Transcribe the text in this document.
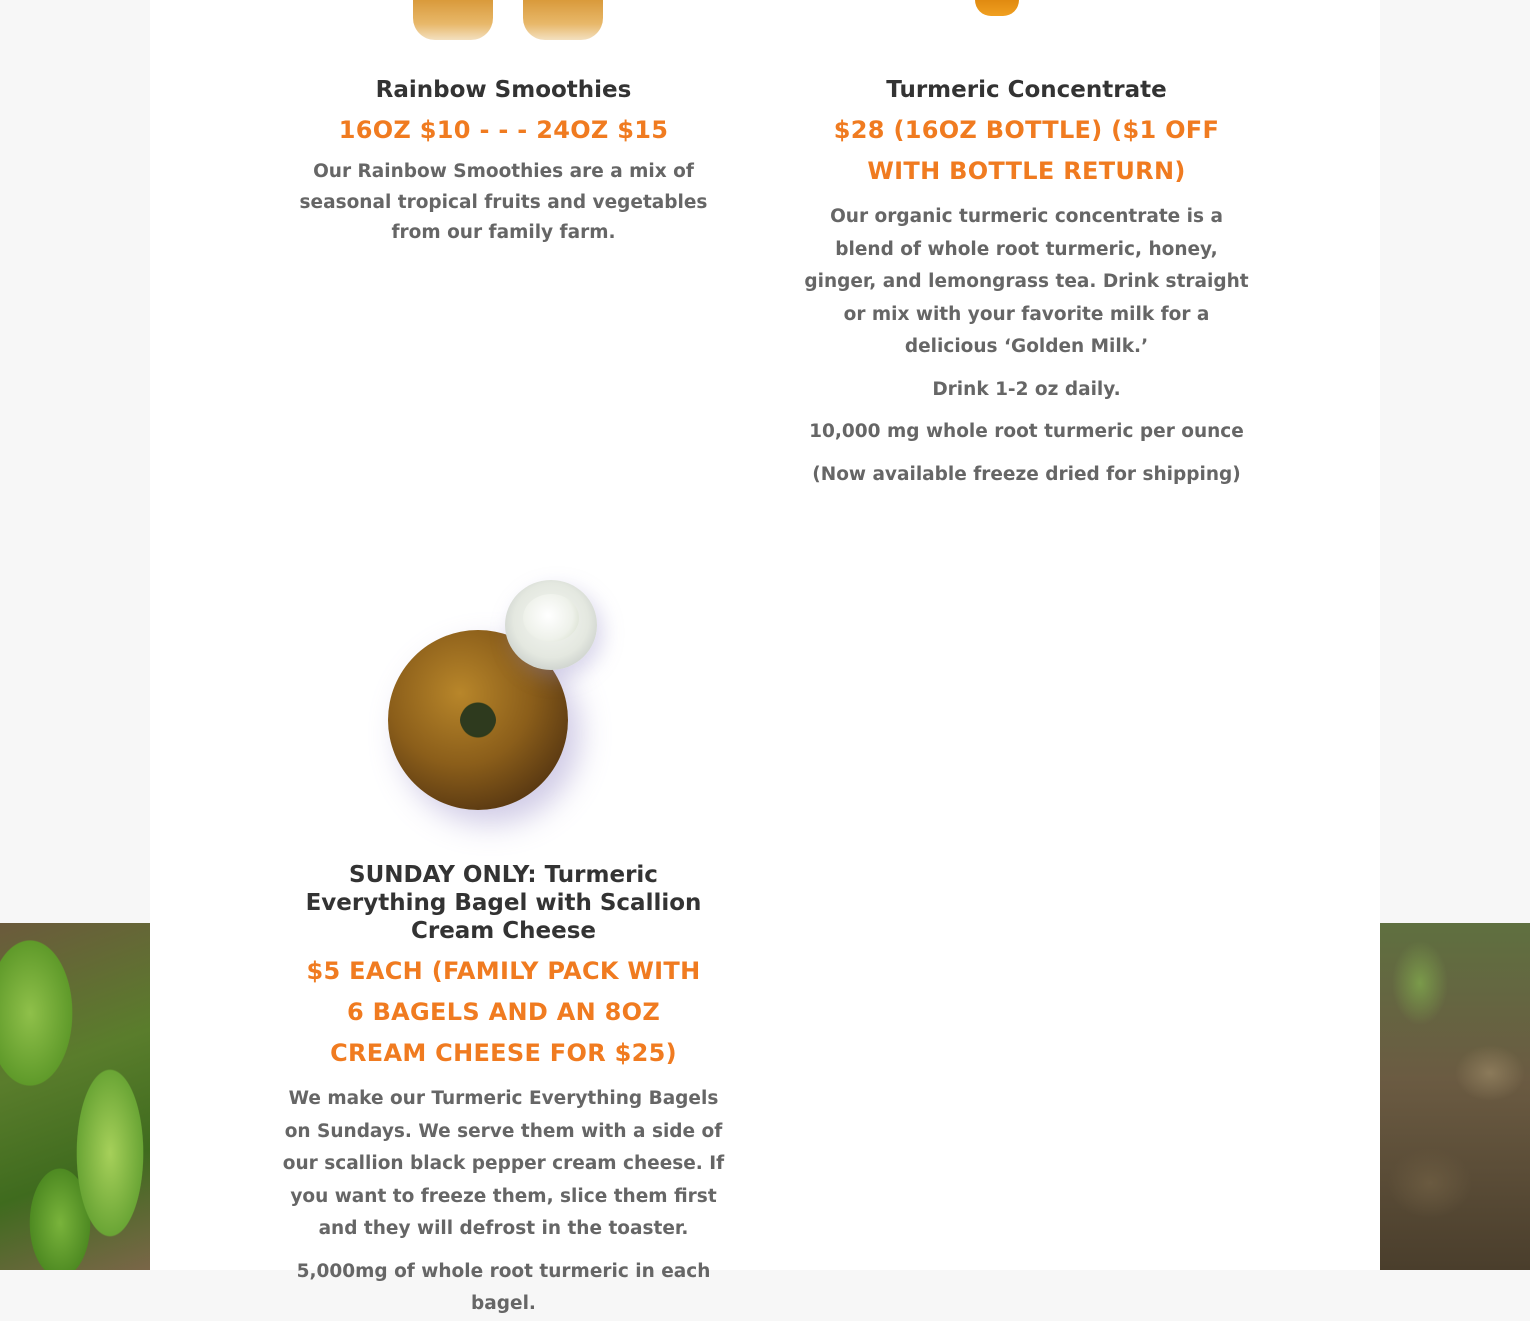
Rainbow Smoothies
16OZ $10 - - - 24OZ $15

Our Rainbow Smoothies are a mix of seasonal tropical fruits and vegetables from our family farm.

Turmeric Concentrate
$28 (16OZ BOTTLE) ($1 OFF WITH BOTTLE RETURN)

Our organic turmeric concentrate is a blend of whole root turmeric, honey, ginger, and lemongrass tea. Drink straight or mix with your favorite milk for a delicious ‘Golden Milk.’

Drink 1-2 oz daily.

10,000 mg whole root turmeric per ounce

(Now available freeze dried for shipping)

SUNDAY ONLY: Turmeric Everything Bagel with Scallion Cream Cheese
$5 EACH (FAMILY PACK WITH 6 BAGELS AND AN 8OZ CREAM CHEESE FOR $25)

We make our Turmeric Everything Bagels on Sundays. We serve them with a side of our scallion black pepper cream cheese. If you want to freeze them, slice them first and they will defrost in the toaster.

5,000mg of whole root turmeric in each bagel.
